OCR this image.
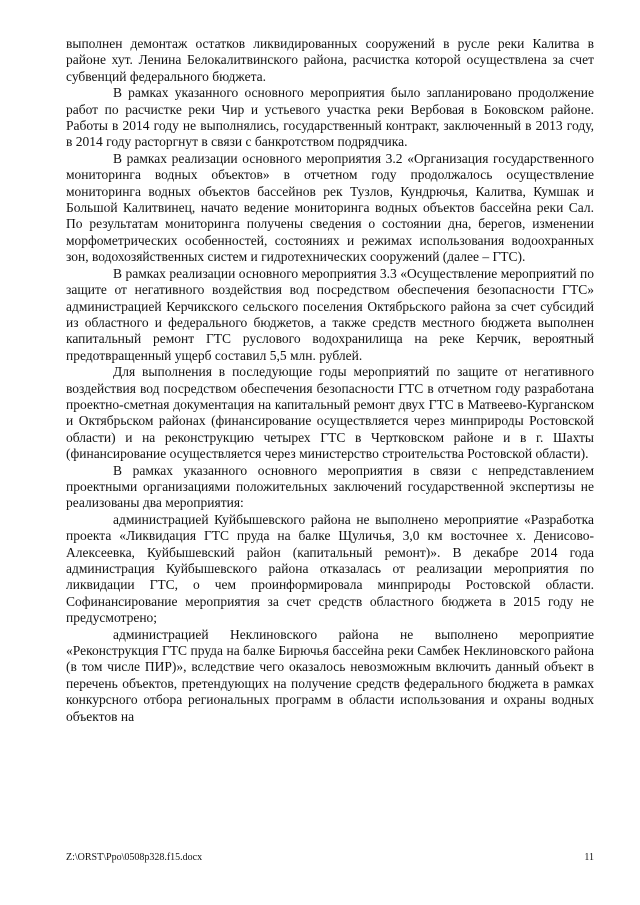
выполнен демонтаж остатков ликвидированных сооружений в русле реки Калитва в районе хут. Ленина Белокалитвинского района, расчистка которой осуществлена за счет субвенций федерального бюджета.

В рамках указанного основного мероприятия было запланировано продолжение работ по расчистке реки Чир и устьевого участка реки Вербовая в Боковском районе. Работы в 2014 году не выполнялись, государственный контракт, заключенный в 2013 году, в 2014 году расторгнут в связи с банкротством подрядчика.

В рамках реализации основного мероприятия 3.2 «Организация государственного мониторинга водных объектов» в отчетном году продолжалось осуществление мониторинга водных объектов бассейнов рек Тузлов, Кундрючья, Калитва, Кумшак и Большой Калитвинец, начато ведение мониторинга водных объектов бассейна реки Сал. По результатам мониторинга получены сведения о состоянии дна, берегов, изменении морфометрических особенностей, состояниях и режимах использования водоохранных зон, водохозяйственных систем и гидротехнических сооружений (далее – ГТС).

В рамках реализации основного мероприятия 3.3 «Осуществление мероприятий по защите от негативного воздействия вод посредством обеспечения безопасности ГТС» администрацией Керчикского сельского поселения Октябрьского района за счет субсидий из областного и федерального бюджетов, а также средств местного бюджета выполнен капитальный ремонт ГТС руслового водохранилища на реке Керчик, вероятный предотвращенный ущерб составил 5,5 млн. рублей.

Для выполнения в последующие годы мероприятий по защите от негативного воздействия вод посредством обеспечения безопасности ГТС в отчетном году разработана проектно-сметная документация на капитальный ремонт двух ГТС в Матвеево-Курганском и Октябрьском районах (финансирование осуществляется через минприроды Ростовской области) и на реконструкцию четырех ГТС в Чертковском районе и в г. Шахты (финансирование осуществляется через министерство строительства Ростовской области).

В рамках указанного основного мероприятия в связи с непредставлением проектными организациями положительных заключений государственной экспертизы не реализованы два мероприятия:

администрацией Куйбышевского района не выполнено мероприятие «Разработка проекта «Ликвидация ГТС пруда на балке Щуличья, 3,0 км восточнее х. Денисово-Алексеевка, Куйбышевский район (капитальный ремонт)». В декабре 2014 года администрация Куйбышевского района отказалась от реализации мероприятия по ликвидации ГТС, о чем проинформировала минприроды Ростовской области. Софинансирование мероприятия за счет средств областного бюджета в 2015 году не предусмотрено;

администрацией Неклиновского района не выполнено мероприятие «Реконструкция ГТС пруда на балке Бирючья бассейна реки Самбек Неклиновского района (в том числе ПИР)», вследствие чего оказалось невозможным включить данный объект в перечень объектов, претендующих на получение средств федерального бюджета в рамках конкурсного отбора региональных программ в области использования и охраны водных объектов на

Z:\ORST\Ppo\0508p328.f15.docx	11
